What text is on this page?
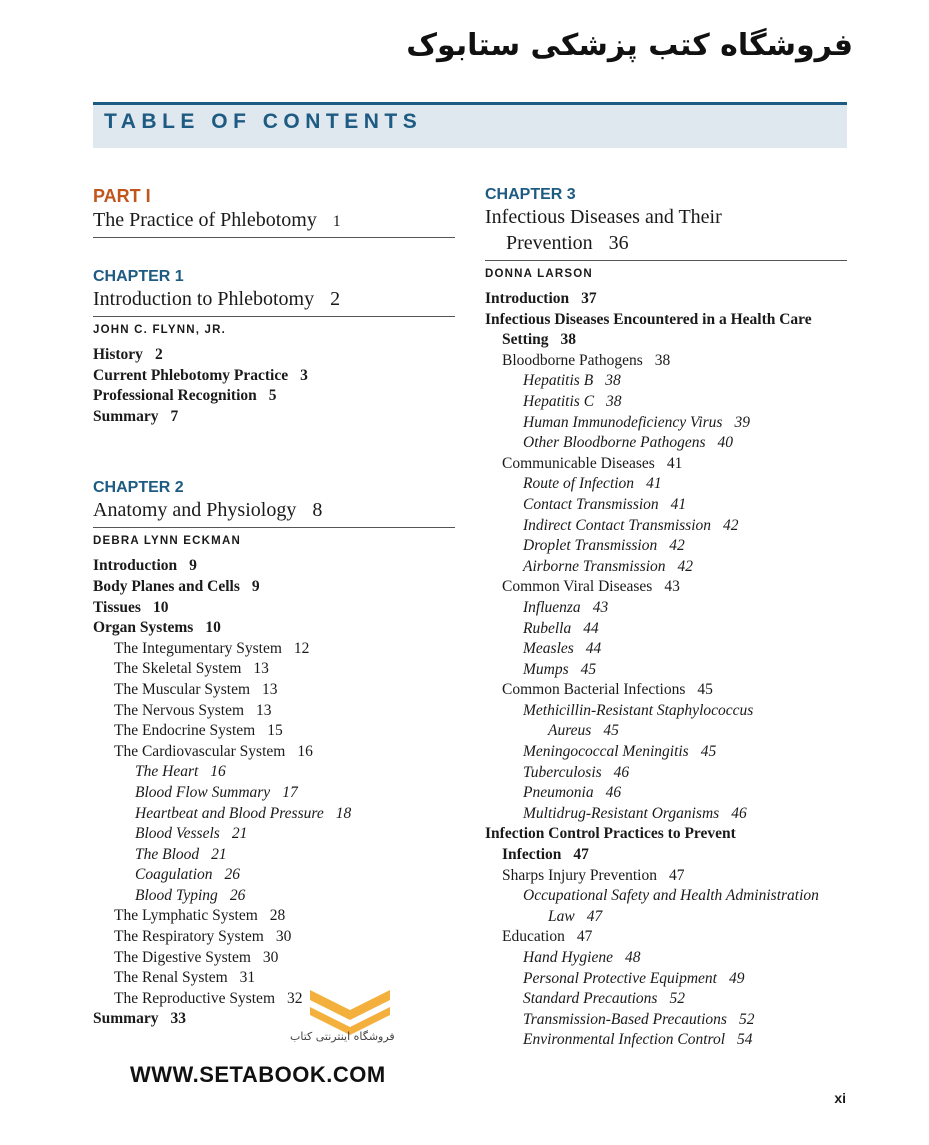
فروشگاه کتب پزشکی ستابوک
TABLE OF CONTENTS
PART I
The Practice of Phlebotomy 1
CHAPTER 1
Introduction to Phlebotomy 2
JOHN C. FLYNN, JR.
History 2
Current Phlebotomy Practice 3
Professional Recognition 5
Summary 7
CHAPTER 2
Anatomy and Physiology 8
DEBRA LYNN ECKMAN
Introduction 9
Body Planes and Cells 9
Tissues 10
Organ Systems 10
The Integumentary System 12
The Skeletal System 13
The Muscular System 13
The Nervous System 13
The Endocrine System 15
The Cardiovascular System 16
The Heart 16
Blood Flow Summary 17
Heartbeat and Blood Pressure 18
Blood Vessels 21
The Blood 21
Coagulation 26
Blood Typing 26
The Lymphatic System 28
The Respiratory System 30
The Digestive System 30
The Renal System 31
The Reproductive System 32
Summary 33
CHAPTER 3
Infectious Diseases and Their
Prevention 36
DONNA LARSON
Introduction 37
Infectious Diseases Encountered in a Health Care
Setting 38
Bloodborne Pathogens 38
Hepatitis B 38
Hepatitis C 38
Human Immunodeficiency Virus 39
Other Bloodborne Pathogens 40
Communicable Diseases 41
Route of Infection 41
Contact Transmission 41
Indirect Contact Transmission 42
Droplet Transmission 42
Airborne Transmission 42
Common Viral Diseases 43
Influenza 43
Rubella 44
Measles 44
Mumps 45
Common Bacterial Infections 45
Methicillin-Resistant Staphylococcus
Aureus 45
Meningococcal Meningitis 45
Tuberculosis 46
Pneumonia 46
Multidrug-Resistant Organisms 46
Infection Control Practices to Prevent
Infection 47
Sharps Injury Prevention 47
Occupational Safety and Health Administration
Law 47
Education 47
Hand Hygiene 48
Personal Protective Equipment 49
Standard Precautions 52
Transmission-Based Precautions 52
Environmental Infection Control 54
فروشگاه اینترنتی کتاب
WWW.SETABOOK.COM
xi
